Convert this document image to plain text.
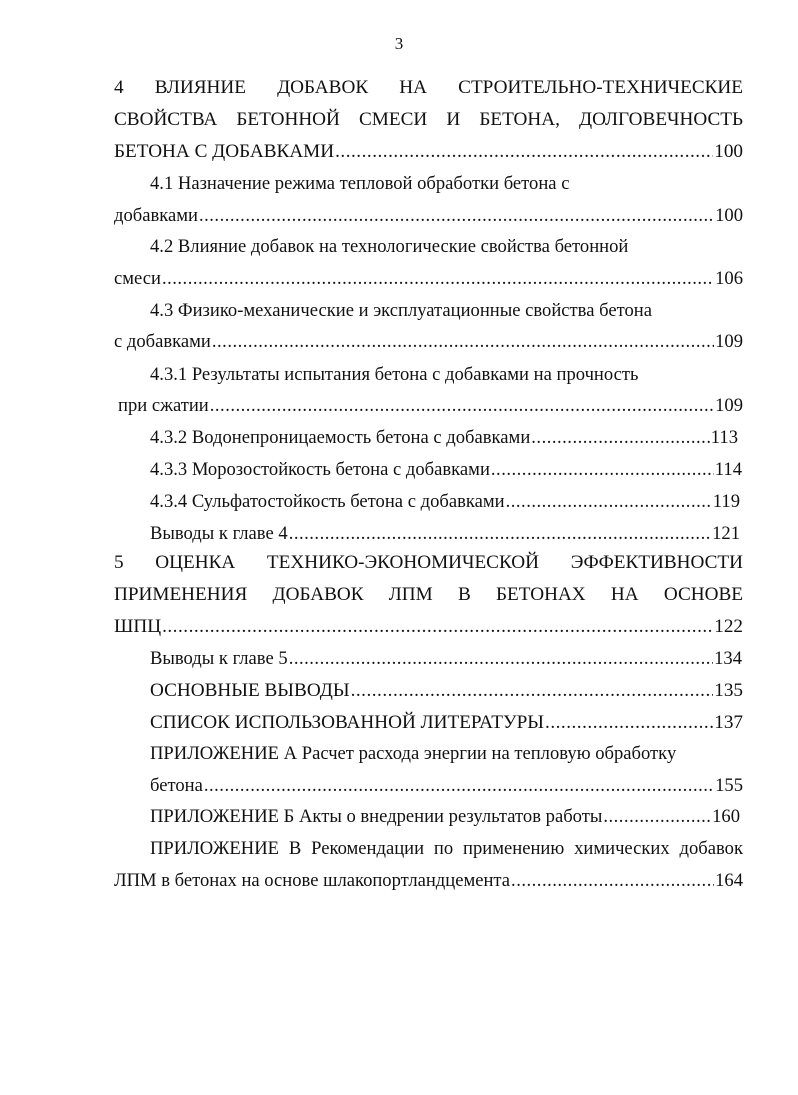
3
4 ВЛИЯНИЕ ДОБАВОК НА СТРОИТЕЛЬНО-ТЕХНИЧЕСКИЕ
СВОЙСТВА БЕТОННОЙ СМЕСИ И БЕТОНА, ДОЛГОВЕЧНОСТЬ
БЕТОНА С ДОБАВКАМИ .....	100
4.1 Назначение режима тепловой обработки бетона с
добавками .....	100
4.2 Влияние добавок на технологические свойства бетонной
смеси .....	106
4.3 Физико-механические и эксплуатационные свойства бетона
с добавками .....	109
4.3.1 Результаты испытания бетона с добавками на прочность
при сжатии .....	109
4.3.2 Водонепроницаемость бетона с добавками .....	113
4.3.3 Морозостойкость бетона с добавками .....	114
4.3.4 Сульфатостойкость бетона с добавками .....	119
Выводы к главе 4 .....	121
5 ОЦЕНКА ТЕХНИКО-ЭКОНОМИЧЕСКОЙ ЭФФЕКТИВНОСТИ
ПРИМЕНЕНИЯ ДОБАВОК ЛПМ В БЕТОНАХ НА ОСНОВЕ
ШПЦ .....	122
Выводы к главе 5 .....	134
ОСНОВНЫЕ ВЫВОДЫ .....	135
СПИСОК ИСПОЛЬЗОВАННОЙ ЛИТЕРАТУРЫ .....	137
ПРИЛОЖЕНИЕ А Расчет расхода энергии на тепловую обработку
бетона .....	155
ПРИЛОЖЕНИЕ Б Акты о внедрении результатов работы .....	160
ПРИЛОЖЕНИЕ В Рекомендации по применению химических добавок
ЛПМ в бетонах на основе шлакопортландцемента .....	164
